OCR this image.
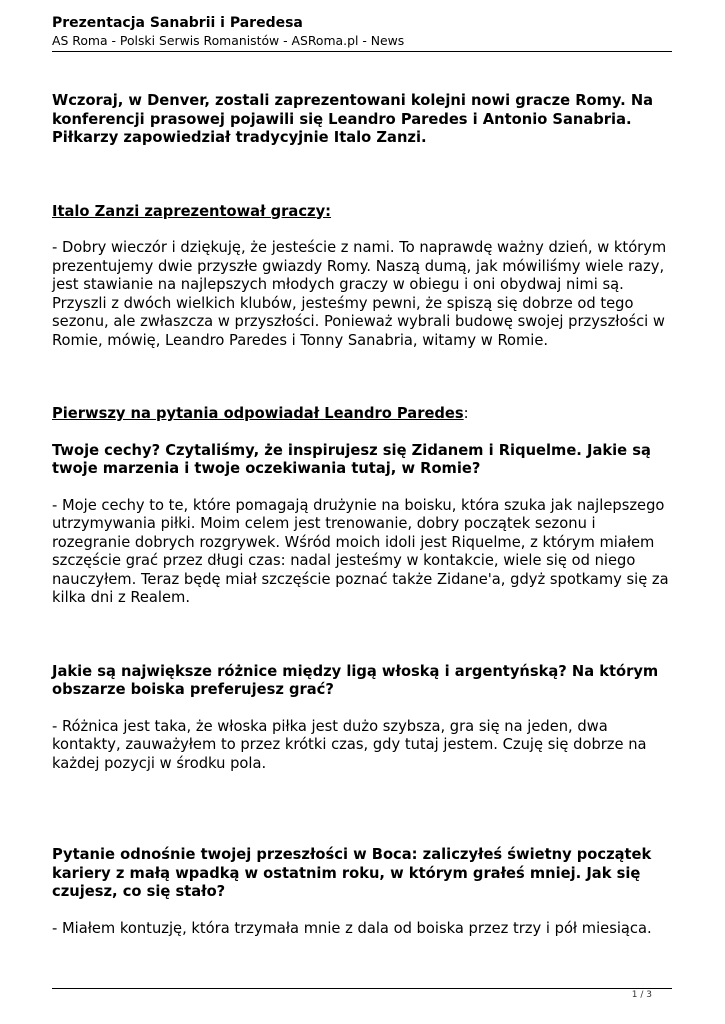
Prezentacja Sanabrii i Paredesa
AS Roma - Polski Serwis Romanistów - ASRoma.pl - News

Wczoraj, w Denver, zostali zaprezentowani kolejni nowi gracze Romy. Na konferencji prasowej pojawili się Leandro Paredes i Antonio Sanabria. Piłkarzy zapowiedział tradycyjnie Italo Zanzi.

Italo Zanzi zaprezentował graczy:

- Dobry wieczór i dziękuję, że jesteście z nami. To naprawdę ważny dzień, w którym prezentujemy dwie przyszłe gwiazdy Romy. Naszą dumą, jak mówiliśmy wiele razy, jest stawianie na najlepszych młodych graczy w obiegu i oni obydwaj nimi są. Przyszli z dwóch wielkich klubów, jesteśmy pewni, że spiszą się dobrze od tego sezonu, ale zwłaszcza w przyszłości. Ponieważ wybrali budowę swojej przyszłości w Romie, mówię, Leandro Paredes i Tonny Sanabria, witamy w Romie.

Pierwszy na pytania odpowiadał Leandro Paredes:

Twoje cechy? Czytaliśmy, że inspirujesz się Zidanem i Riquelme. Jakie są twoje marzenia i twoje oczekiwania tutaj, w Romie?

- Moje cechy to te, które pomagają drużynie na boisku, która szuka jak najlepszego utrzymywania piłki. Moim celem jest trenowanie, dobry początek sezonu i rozegranie dobrych rozgrywek. Wśród moich idoli jest Riquelme, z którym miałem szczęście grać przez długi czas: nadal jesteśmy w kontakcie, wiele się od niego nauczyłem. Teraz będę miał szczęście poznać także Zidane'a, gdyż spotkamy się za kilka dni z Realem.

Jakie są największe różnice między ligą włoską i argentyńską? Na którym obszarze boiska preferujesz grać?

- Różnica jest taka, że włoska piłka jest dużo szybsza, gra się na jeden, dwa kontakty, zauważyłem to przez krótki czas, gdy tutaj jestem. Czuję się dobrze na każdej pozycji w środku pola.

Pytanie odnośnie twojej przeszłości w Boca: zaliczyłeś świetny początek kariery z małą wpadką w ostatnim roku, w którym grałeś mniej. Jak się czujesz, co się stało?

- Miałem kontuzję, która trzymała mnie z dala od boiska przez trzy i pół miesiąca.

1 / 3
